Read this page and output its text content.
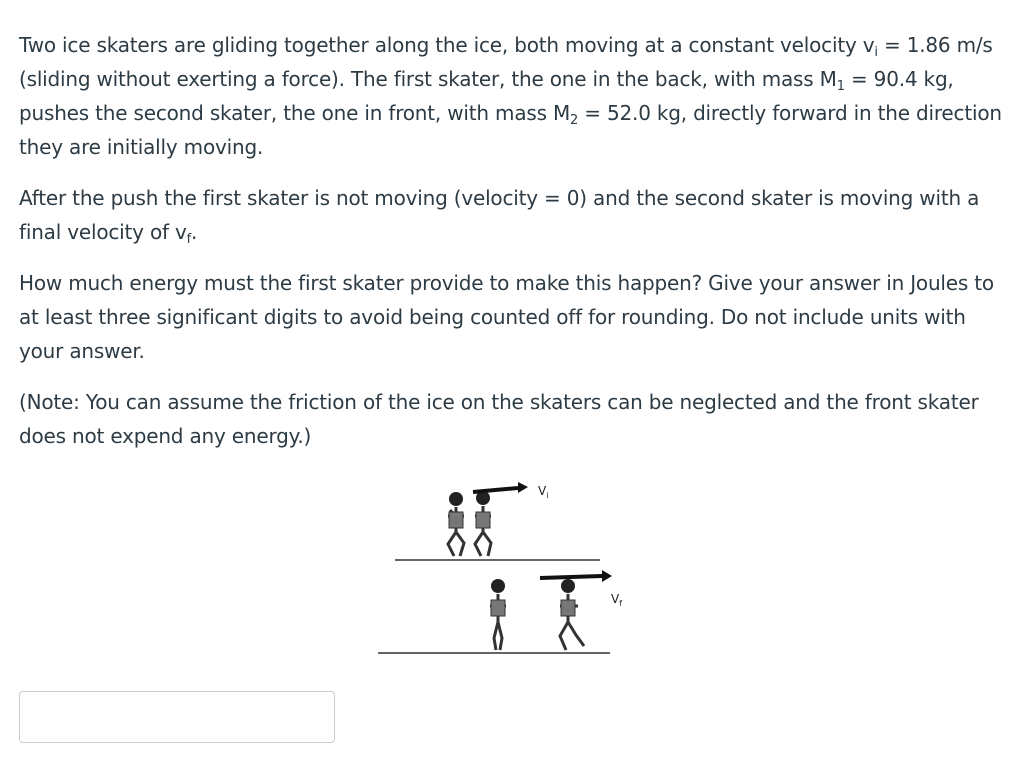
Two ice skaters are gliding together along the ice, both moving at a constant velocity $v_i = 1.86$ m/s (sliding without exerting a force). The first skater, the one in the back, with mass $M_1 = 90.4$ kg, pushes the second skater, the one in front, with mass $M_2 = 52.0$ kg, directly forward in the direction they are initially moving.

After the push the first skater is not moving (velocity = 0) and the second skater is moving with a final velocity of $v_f$.

How much energy must the first skater provide to make this happen? Give your answer in Joules to at least three significant digits to avoid being counted off for rounding. Do not include units with your answer.

(Note: You can assume the friction of the ice on the skaters can be neglected and the front skater does not expend any energy.)

$V_i$
$V_f$
